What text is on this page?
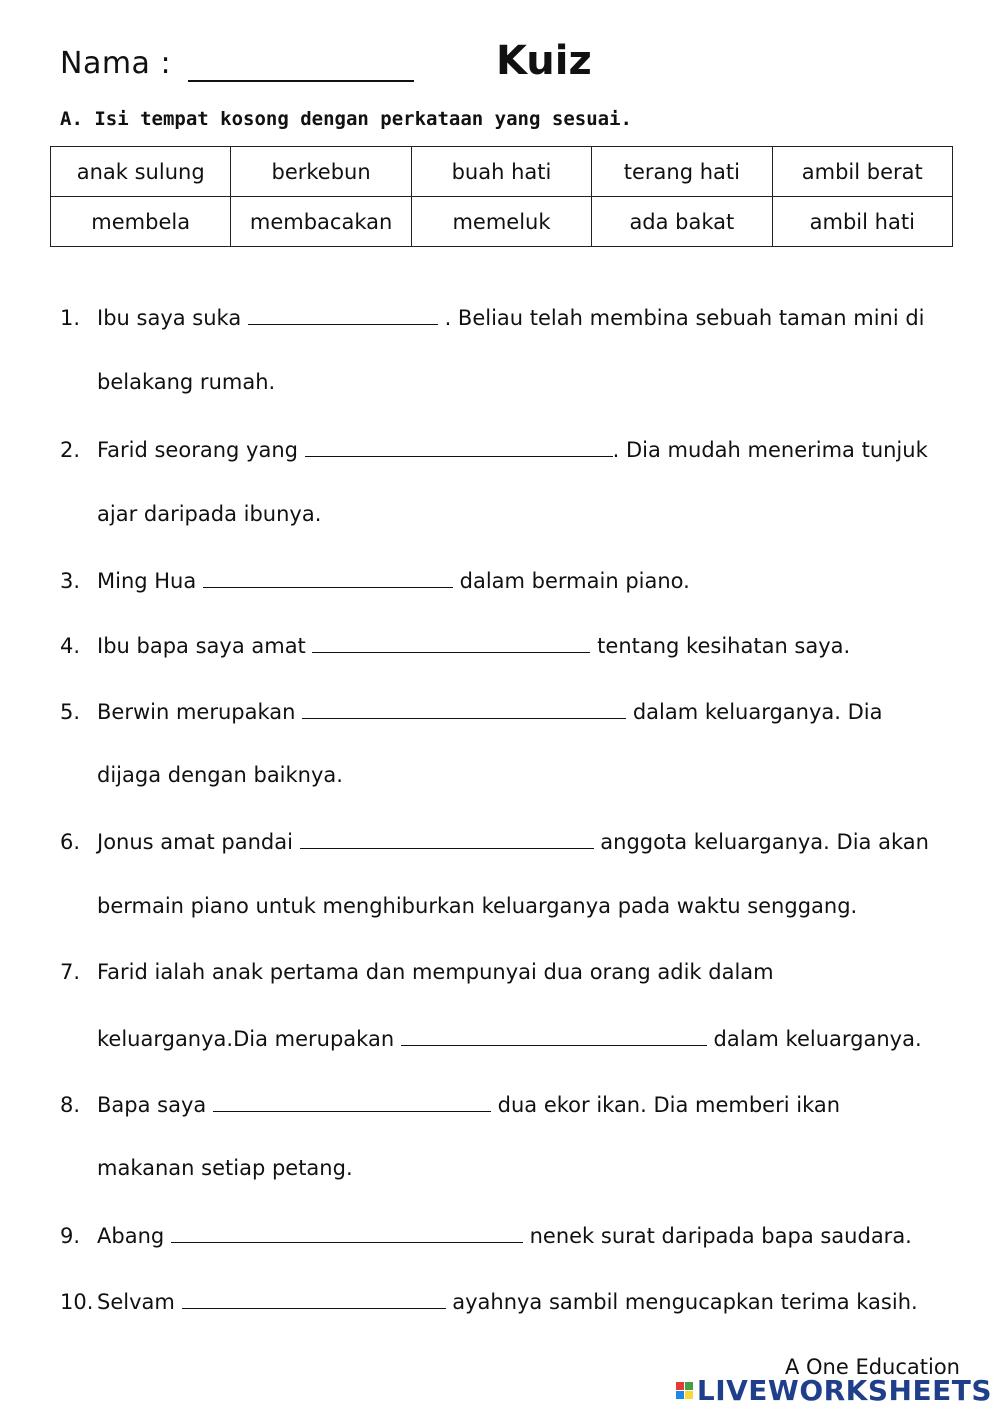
Nama :	Kuiz
A. Isi tempat kosong dengan perkataan yang sesuai.
anak sulung	berkebun	buah hati	terang hati	ambil berat
membela	membacakan	memeluk	ada bakat	ambil hati
1. Ibu saya suka	. Beliau telah membina sebuah taman mini di
belakang rumah.
2. Farid seorang yang	. Dia mudah menerima tunjuk
ajar daripada ibunya.
3. Ming Hua	dalam bermain piano.
4. Ibu bapa saya amat	tentang kesihatan saya.
5. Berwin merupakan	dalam keluarganya. Dia
dijaga dengan baiknya.
6. Jonus amat pandai	anggota keluarganya. Dia akan
bermain piano untuk menghiburkan keluarganya pada waktu senggang.
7. Farid ialah anak pertama dan mempunyai dua orang adik dalam
keluarganya.Dia merupakan	dalam keluarganya.
8. Bapa saya	dua ekor ikan. Dia memberi ikan
makanan setiap petang.
9. Abang	nenek surat daripada bapa saudara.
10. Selvam	ayahnya sambil mengucapkan terima kasih.
A One Education
LIVEWORKSHEETS
